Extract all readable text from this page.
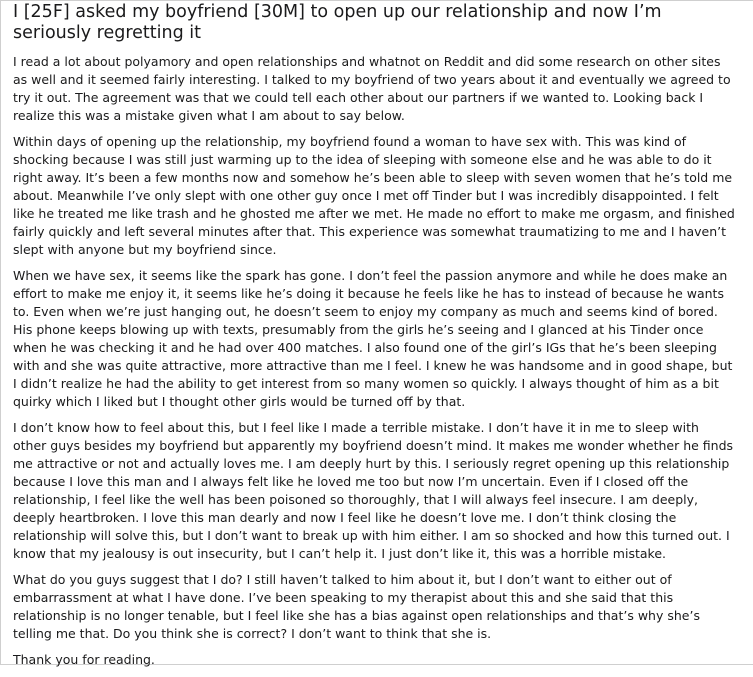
I [25F] asked my boyfriend [30M] to open up our relationship and now I’m seriously regretting it

I read a lot about polyamory and open relationships and whatnot on Reddit and did some research on other sites as well and it seemed fairly interesting. I talked to my boyfriend of two years about it and eventually we agreed to try it out. The agreement was that we could tell each other about our partners if we wanted to. Looking back I realize this was a mistake given what I am about to say below.

Within days of opening up the relationship, my boyfriend found a woman to have sex with. This was kind of shocking because I was still just warming up to the idea of sleeping with someone else and he was able to do it right away. It’s been a few months now and somehow he’s been able to sleep with seven women that he’s told me about. Meanwhile I’ve only slept with one other guy once I met off Tinder but I was incredibly disappointed. I felt like he treated me like trash and he ghosted me after we met. He made no effort to make me orgasm, and finished fairly quickly and left several minutes after that. This experience was somewhat traumatizing to me and I haven’t slept with anyone but my boyfriend since.

When we have sex, it seems like the spark has gone. I don’t feel the passion anymore and while he does make an effort to make me enjoy it, it seems like he’s doing it because he feels like he has to instead of because he wants to. Even when we’re just hanging out, he doesn’t seem to enjoy my company as much and seems kind of bored. His phone keeps blowing up with texts, presumably from the girls he’s seeing and I glanced at his Tinder once when he was checking it and he had over 400 matches. I also found one of the girl’s IGs that he’s been sleeping with and she was quite attractive, more attractive than me I feel. I knew he was handsome and in good shape, but I didn’t realize he had the ability to get interest from so many women so quickly. I always thought of him as a bit quirky which I liked but I thought other girls would be turned off by that.

I don’t know how to feel about this, but I feel like I made a terrible mistake. I don’t have it in me to sleep with other guys besides my boyfriend but apparently my boyfriend doesn’t mind. It makes me wonder whether he finds me attractive or not and actually loves me. I am deeply hurt by this. I seriously regret opening up this relationship because I love this man and I always felt like he loved me too but now I’m uncertain. Even if I closed off the relationship, I feel like the well has been poisoned so thoroughly, that I will always feel insecure. I am deeply, deeply heartbroken. I love this man dearly and now I feel like he doesn’t love me. I don’t think closing the relationship will solve this, but I don’t want to break up with him either. I am so shocked and how this turned out. I know that my jealousy is out insecurity, but I can’t help it. I just don’t like it, this was a horrible mistake.

What do you guys suggest that I do? I still haven’t talked to him about it, but I don’t want to either out of embarrassment at what I have done. I’ve been speaking to my therapist about this and she said that this relationship is no longer tenable, but I feel like she has a bias against open relationships and that’s why she’s telling me that. Do you think she is correct? I don’t want to think that she is.

Thank you for reading.
